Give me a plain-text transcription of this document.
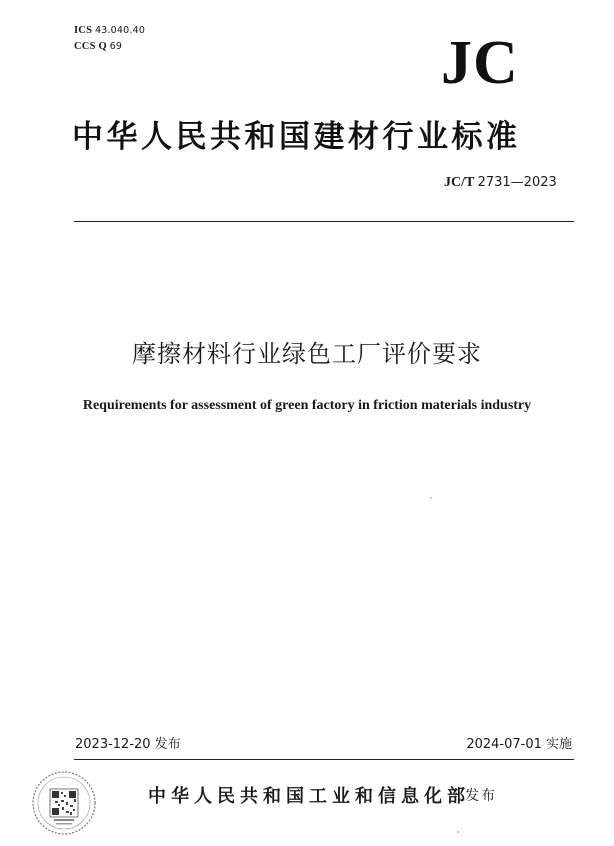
ICS 43.040.40
CCS Q 69	JC
中华人民共和国建材行业标准
JC/T 2731—2023
摩擦材料行业绿色工厂评价要求
Requirements for assessment of green factory in friction materials industry
2023-12-20 发布	2024-07-01 实施
中华人民共和国工业和信息化部
发布
